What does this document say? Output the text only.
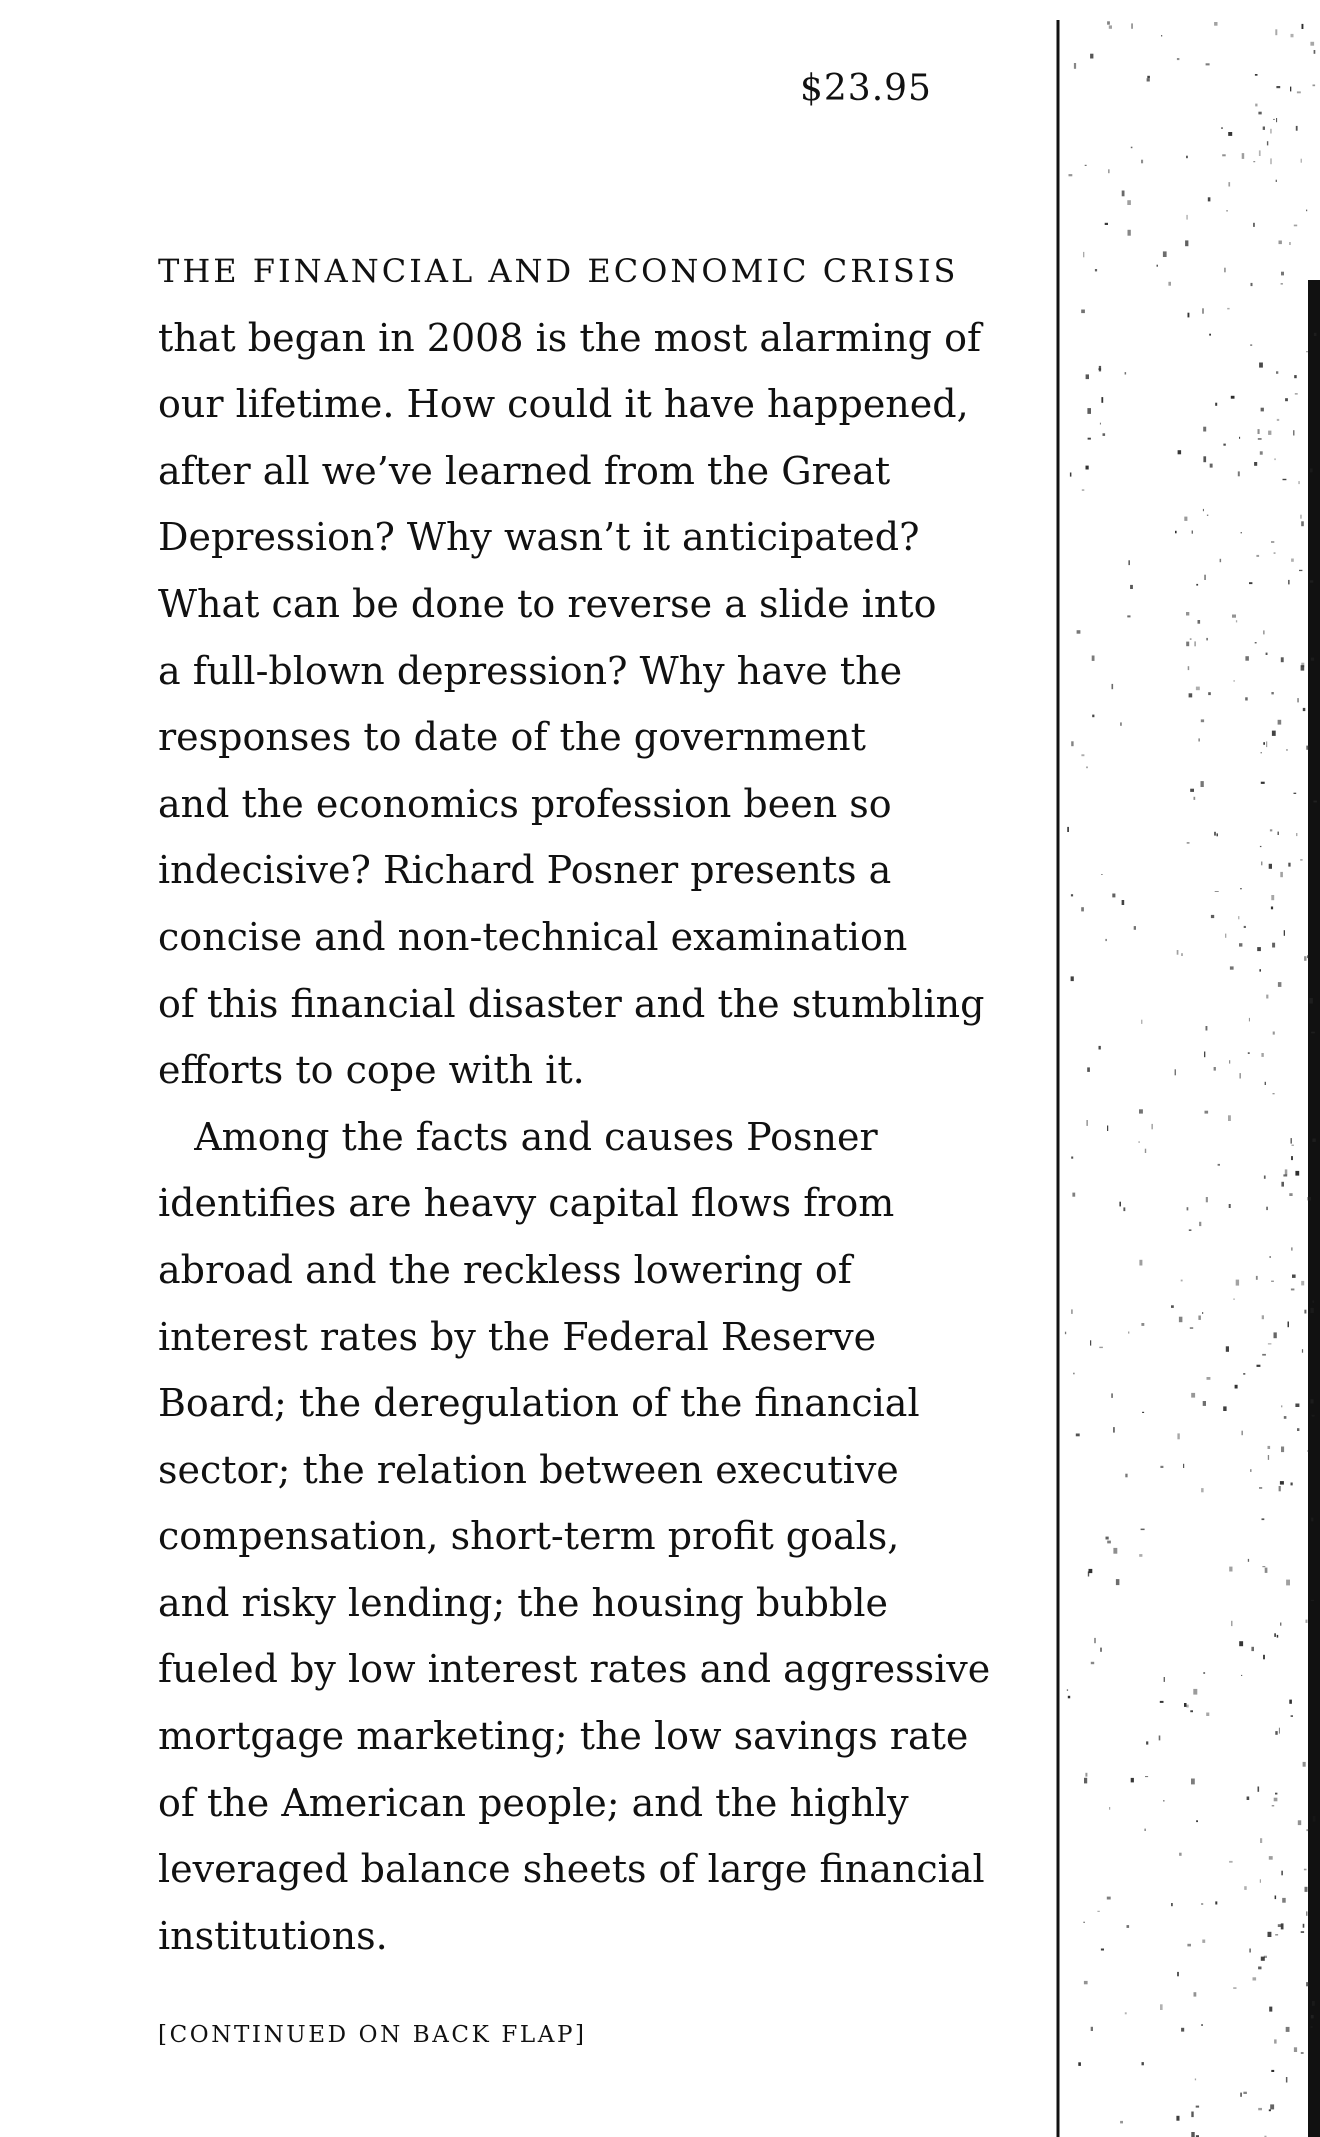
$23.95
THE FINANCIAL AND ECONOMIC CRISIS
that began in 2008 is the most alarming of
our lifetime. How could it have happened,
after all we’ve learned from the Great
Depression? Why wasn’t it anticipated?
What can be done to reverse a slide into
a full-blown depression? Why have the
responses to date of the government
and the economics profession been so
indecisive? Richard Posner presents a
concise and non-technical examination
of this financial disaster and the stumbling
efforts to cope with it.
Among the facts and causes Posner
identifies are heavy capital flows from
abroad and the reckless lowering of
interest rates by the Federal Reserve
Board; the deregulation of the financial
sector; the relation between executive
compensation, short-term profit goals,
and risky lending; the housing bubble
fueled by low interest rates and aggressive
mortgage marketing; the low savings rate
of the American people; and the highly
leveraged balance sheets of large financial
institutions.
[CONTINUED ON BACK FLAP]
